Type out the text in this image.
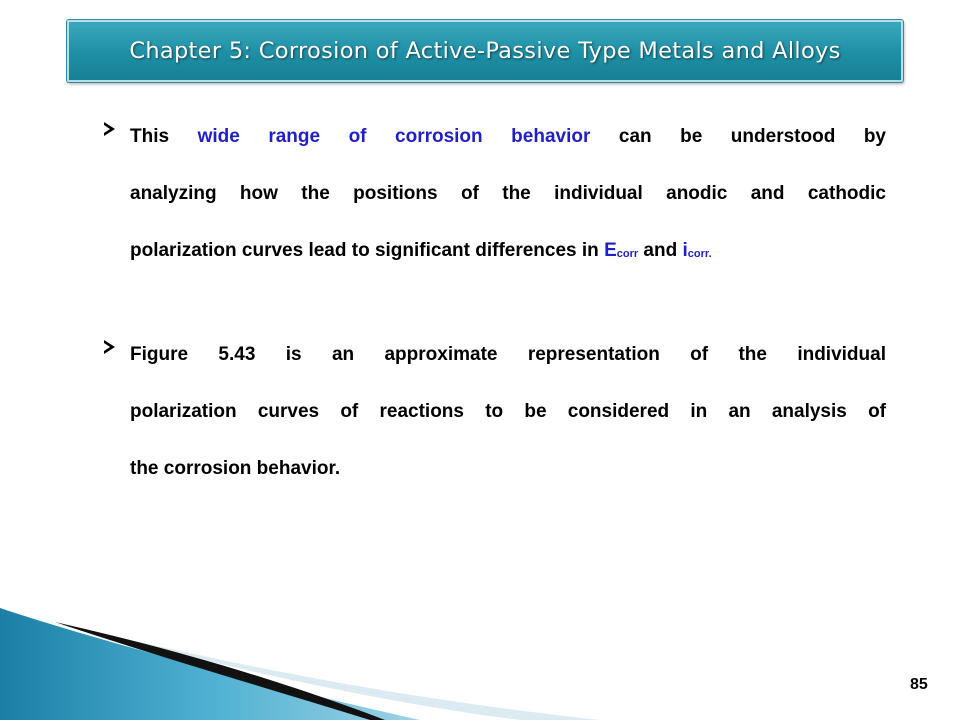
Chapter 5: Corrosion of Active-Passive Type Metals and Alloys
This wide range of corrosion behavior can be understood by
analyzing how the positions of the individual anodic and cathodic
polarization curves lead to significant differences in Ecorr and icorr.
Figure 5.43 is an approximate representation of the individual
polarization curves of reactions to be considered in an analysis of
the corrosion behavior.
85
